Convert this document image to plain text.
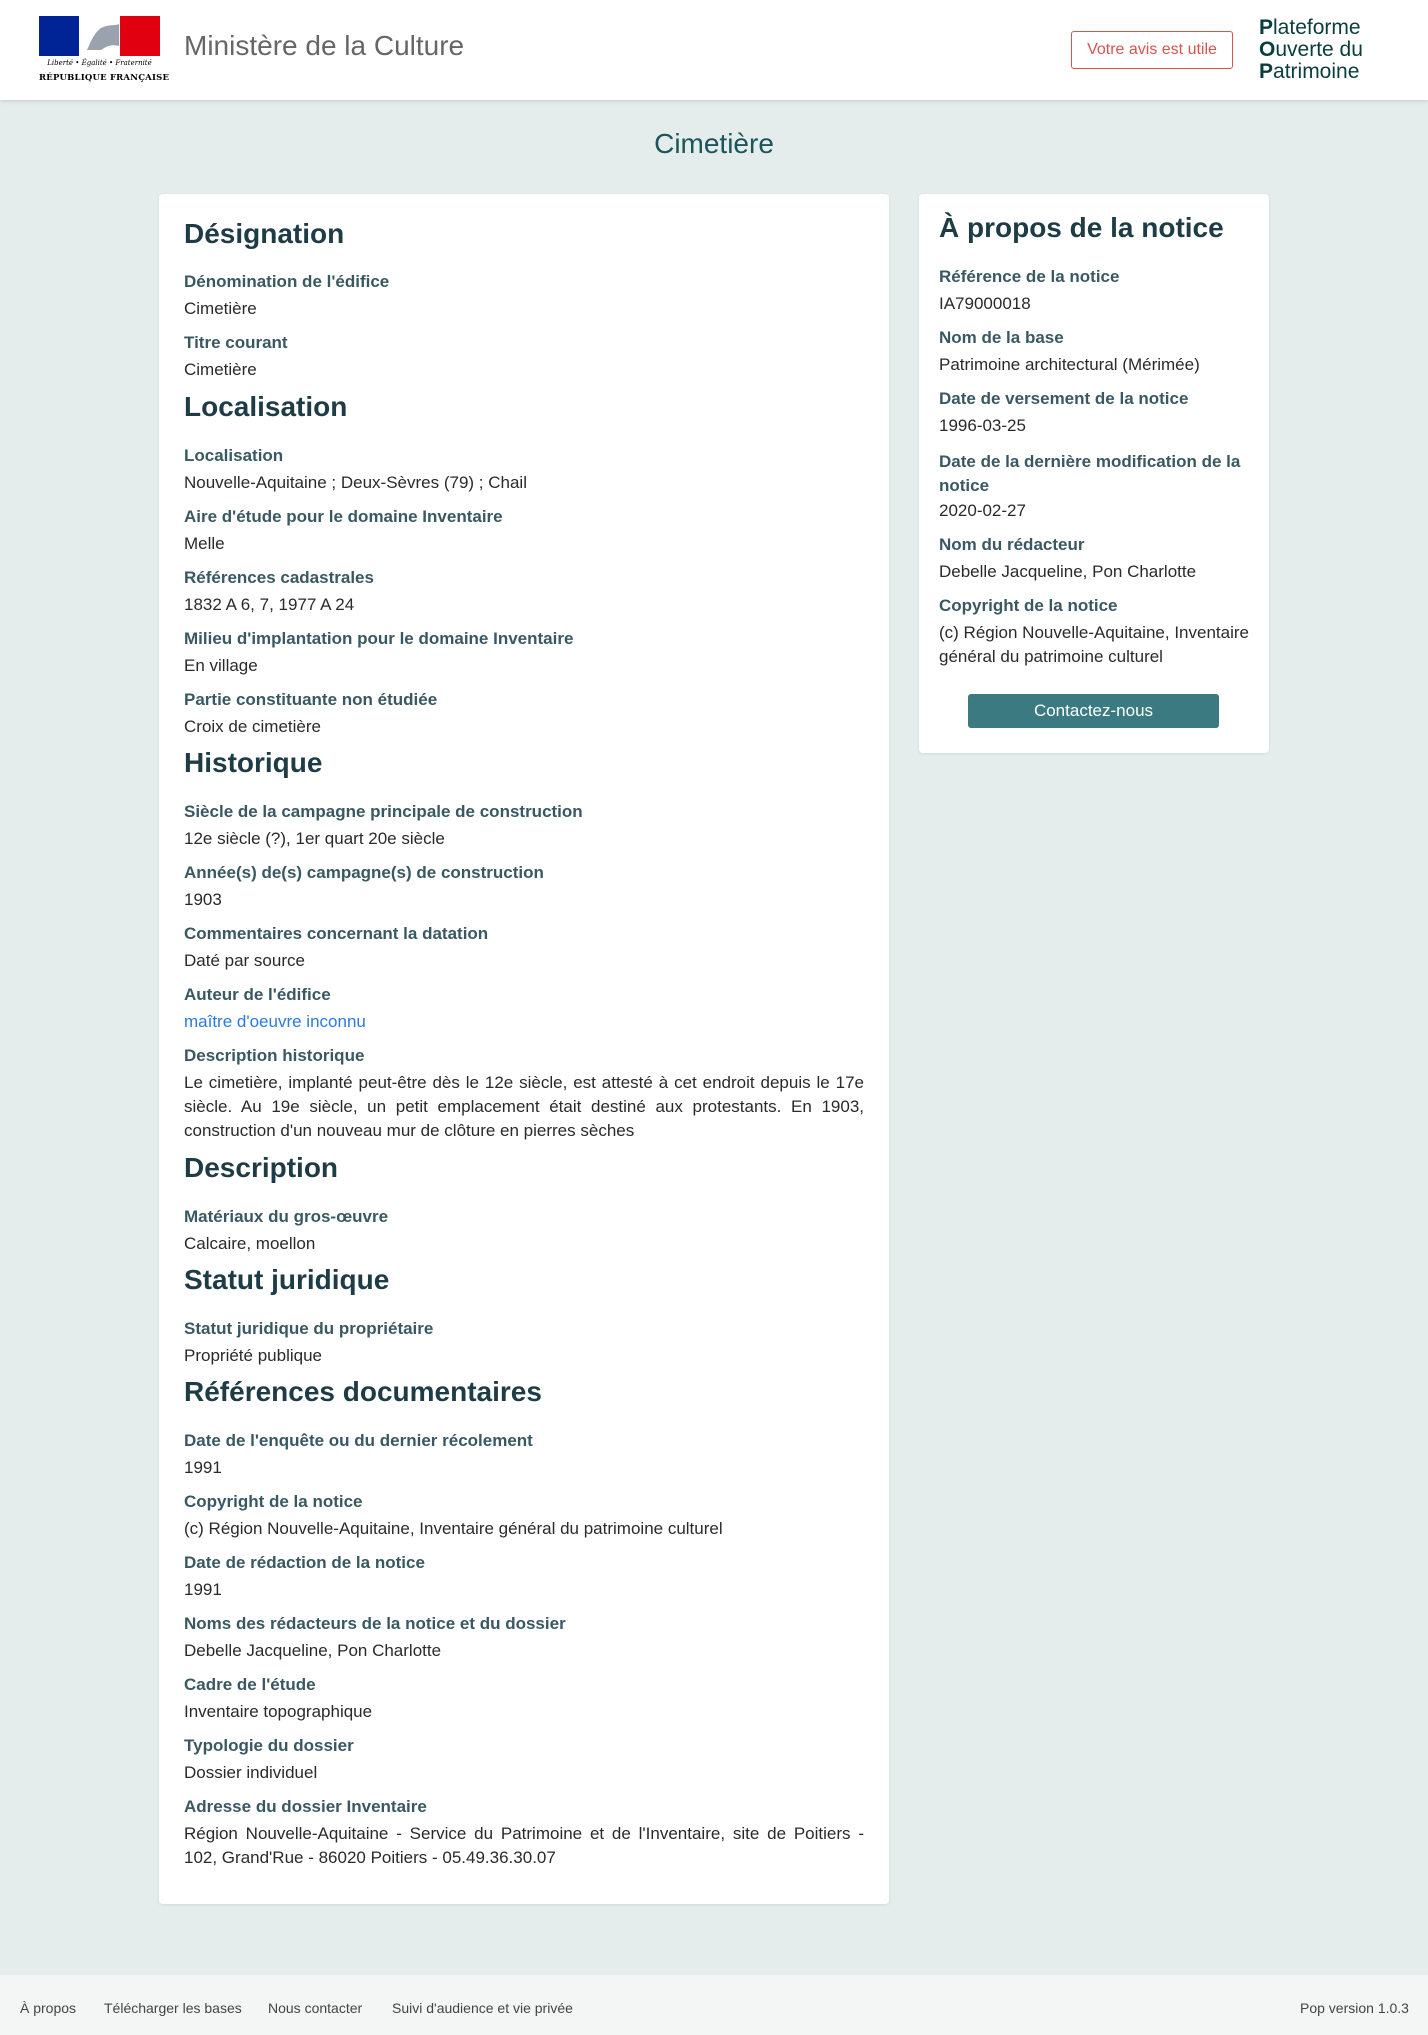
Liberté • Égalité • Fraternité
RÉPUBLIQUE FRANÇAISE
Ministère de la Culture	Votre avis est utile
Plateforme
Ouverte du
Patrimoine
Cimetière
Désignation
Dénomination de l'édifice
Cimetière
Titre courant
Cimetière
Localisation
Localisation
Nouvelle-Aquitaine ; Deux-Sèvres (79) ; Chail
Aire d'étude pour le domaine Inventaire
Melle
Références cadastrales
1832 A 6, 7, 1977 A 24
Milieu d'implantation pour le domaine Inventaire
En village
Partie constituante non étudiée
Croix de cimetière
Historique
Siècle de la campagne principale de construction
12e siècle (?), 1er quart 20e siècle
Année(s) de(s) campagne(s) de construction
1903
Commentaires concernant la datation
Daté par source
Auteur de l'édifice
maître d'oeuvre inconnu
Description historique
Le cimetière, implanté peut-être dès le 12e siècle, est attesté à cet endroit depuis le 17e siècle. Au 19e siècle, un petit emplacement était destiné aux protestants. En 1903, construction d'un nouveau mur de clôture en pierres sèches
Description
Matériaux du gros-œuvre
Calcaire, moellon
Statut juridique
Statut juridique du propriétaire
Propriété publique
Références documentaires
Date de l'enquête ou du dernier récolement
1991
Copyright de la notice
(c) Région Nouvelle-Aquitaine, Inventaire général du patrimoine culturel
Date de rédaction de la notice
1991
Noms des rédacteurs de la notice et du dossier
Debelle Jacqueline, Pon Charlotte
Cadre de l'étude
Inventaire topographique
Typologie du dossier
Dossier individuel
Adresse du dossier Inventaire
Région Nouvelle-Aquitaine - Service du Patrimoine et de l'Inventaire, site de Poitiers - 102, Grand'Rue - 86020 Poitiers - 05.49.36.30.07
À propos de la notice
Référence de la notice
IA79000018
Nom de la base
Patrimoine architectural (Mérimée)
Date de versement de la notice
1996-03-25
Date de la dernière modification de la notice
2020-02-27
Nom du rédacteur
Debelle Jacqueline, Pon Charlotte
Copyright de la notice
(c) Région Nouvelle-Aquitaine, Inventaire général du patrimoine culturel
Contactez-nous
À propos Télécharger les bases Nous contacter Suivi d'audience et vie privée	Pop version 1.0.3
